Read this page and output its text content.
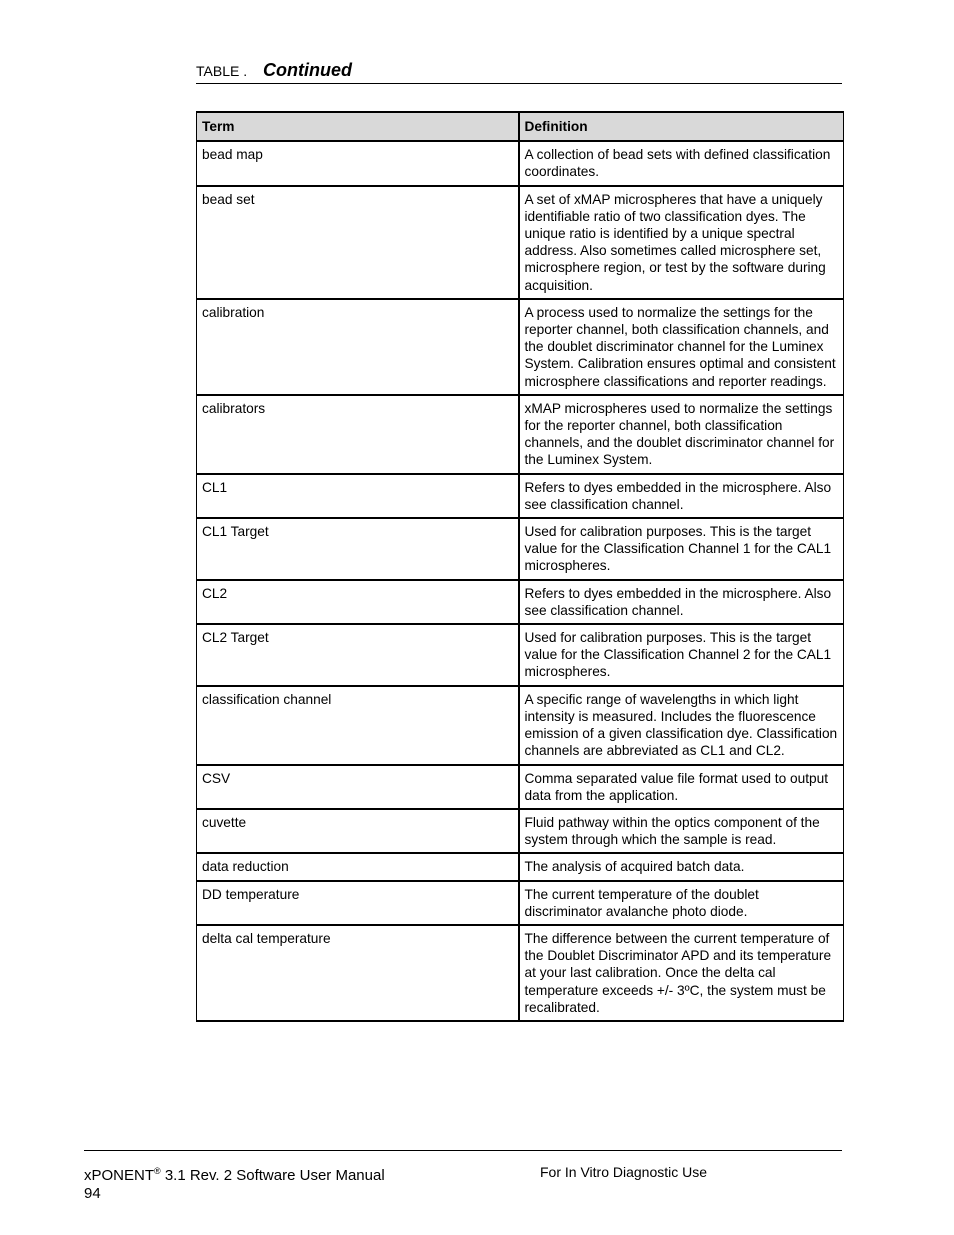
TABLE . Continued
Term	Definition
bead map	A collection of bead sets with defined classification coordinates.
bead set	A set of xMAP microspheres that have a uniquely identifiable ratio of two classification dyes. The unique ratio is identified by a unique spectral address. Also sometimes called microsphere set, microsphere region, or test by the software during acquisition.
calibration	A process used to normalize the settings for the reporter channel, both classification channels, and the doublet discriminator channel for the Luminex System. Calibration ensures optimal and consistent microsphere classifications and reporter readings.
calibrators	xMAP microspheres used to normalize the settings for the reporter channel, both classification channels, and the doublet discriminator channel for the Luminex System.
CL1	Refers to dyes embedded in the microsphere. Also see classification channel.
CL1 Target	Used for calibration purposes. This is the target value for the Classification Channel 1 for the CAL1 microspheres.
CL2	Refers to dyes embedded in the microsphere. Also see classification channel.
CL2 Target	Used for calibration purposes. This is the target value for the Classification Channel 2 for the CAL1 microspheres.
classification channel	A specific range of wavelengths in which light intensity is measured. Includes the fluorescence emission of a given classification dye. Classification channels are abbreviated as CL1 and CL2.
CSV	Comma separated value file format used to output data from the application.
cuvette	Fluid pathway within the optics component of the system through which the sample is read.
data reduction	The analysis of acquired batch data.
DD temperature	The current temperature of the doublet discriminator avalanche photo diode.
delta cal temperature	The difference between the current temperature of the Doublet Discriminator APD and its temperature at your last calibration. Once the delta cal temperature exceeds +/- 3ºC, the system must be recalibrated.
xPONENT® 3.1 Rev. 2 Software User Manual
94
For In Vitro Diagnostic Use
